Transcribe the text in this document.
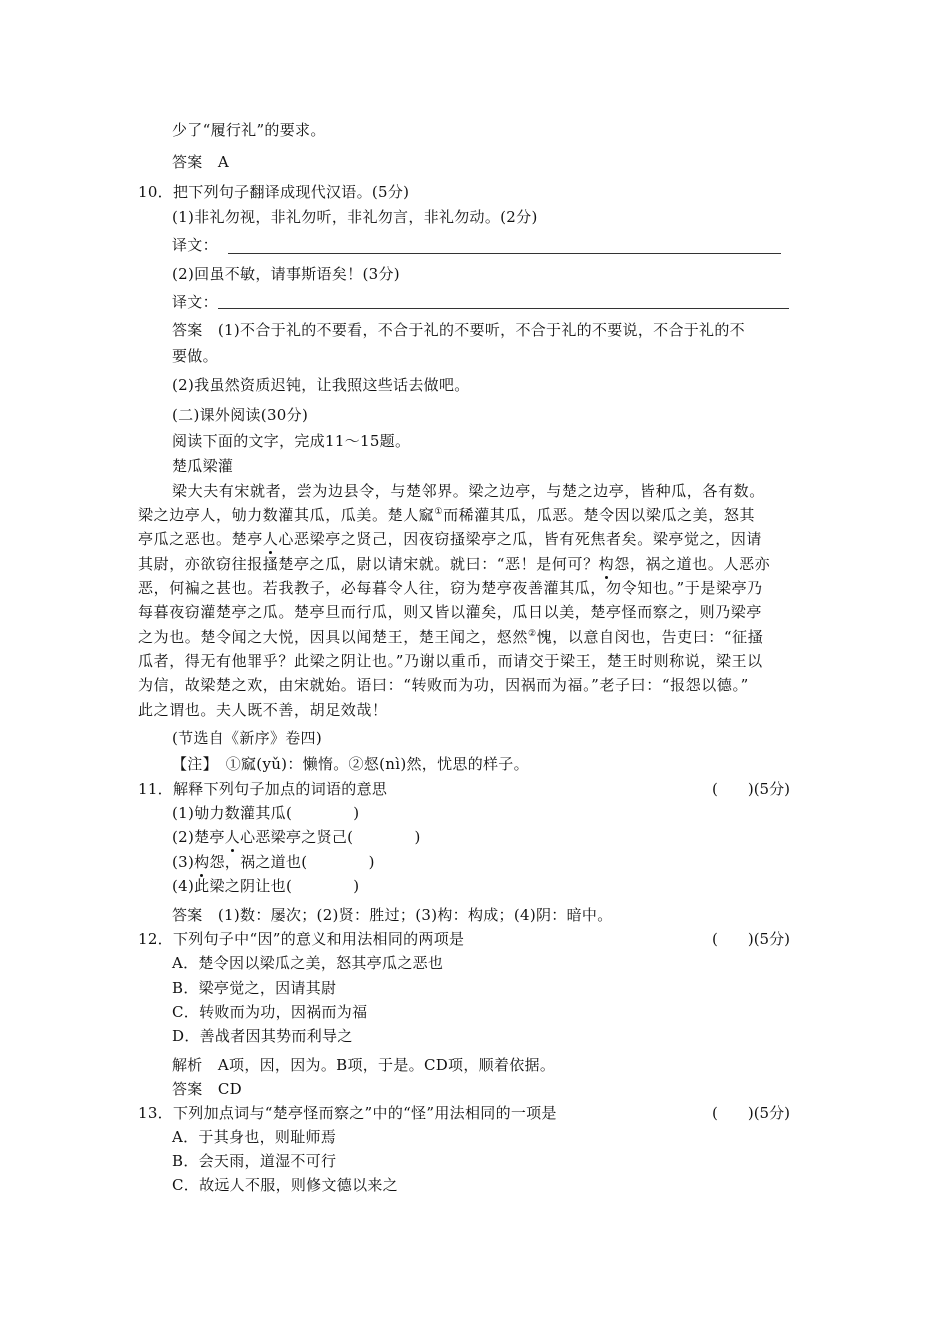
少了“履行礼”的要求。
答案　A
10．把下列句子翻译成现代汉语。(5分)
(1)非礼勿视，非礼勿听，非礼勿言，非礼勿动。(2分)
译文：
(2)回虽不敏，请事斯语矣！(3分)
译文：
答案　(1)不合于礼的不要看，不合于礼的不要听，不合于礼的不要说，不合于礼的不
要做。
(2)我虽然资质迟钝，让我照这些话去做吧。
(二)课外阅读(30分)
阅读下面的文字，完成11～15题。
楚瓜梁灌
梁大夫有宋就者，尝为边县令，与楚邻界。梁之边亭，与楚之边亭，皆种瓜，各有数。
梁之边亭人，劬力数灌其瓜，瓜美。楚人窳①而稀灌其瓜，瓜恶。楚令因以梁瓜之美，怒其
亭瓜之恶也。楚亭人心恶梁亭之贤己，因夜窃搔梁亭之瓜，皆有死焦者矣。梁亭觉之，因请
其尉，亦欲窃往报搔楚亭之瓜，尉以请宋就。就曰：“恶！是何可？构怨，祸之道也。人恶亦
恶，何褊之甚也。若我教子，必每暮令人往，窃为楚亭夜善灌其瓜，勿令知也。”于是梁亭乃
每暮夜窃灌楚亭之瓜。楚亭旦而行瓜，则又皆以灌矣，瓜日以美，楚亭怪而察之，则乃梁亭
之为也。楚令闻之大悦，因具以闻楚王，楚王闻之，惄然②愧，以意自闵也，告吏曰：“征搔
瓜者，得无有他罪乎？此梁之阴让也。”乃谢以重币，而请交于梁王，楚王时则称说，梁王以
为信，故梁楚之欢，由宋就始。语曰：“转败而为功，因祸而为福。”老子曰：“报怨以德。”
此之谓也。夫人既不善，胡足效哉！
(节选自《新序》卷四)
【注】　①窳(yǔ)：懒惰。②惄(nì)然，忧思的样子。
11．解释下列句子加点的词语的意思	(　　)(5分)
(1)劬力数灌其瓜(　　　　)
(2)楚亭人心恶梁亭之贤己(　　　　)
(3)构怨，祸之道也(　　　　)
(4)此梁之阴让也(　　　　)
答案　(1)数：屡次；(2)贤：胜过；(3)构：构成；(4)阴：暗中。
12．下列句子中“因”的意义和用法相同的两项是	(　　)(5分)
A．楚令因以梁瓜之美，怒其亭瓜之恶也
B．梁亭觉之，因请其尉
C．转败而为功，因祸而为福
D．善战者因其势而利导之
解析　A项，因，因为。B项，于是。CD项，顺着依据。
答案　CD
13．下列加点词与“楚亭怪而察之”中的“怪”用法相同的一项是	(　　)(5分)
A．于其身也，则耻师焉
B．会天雨，道湿不可行
C．故远人不服，则修文德以来之
